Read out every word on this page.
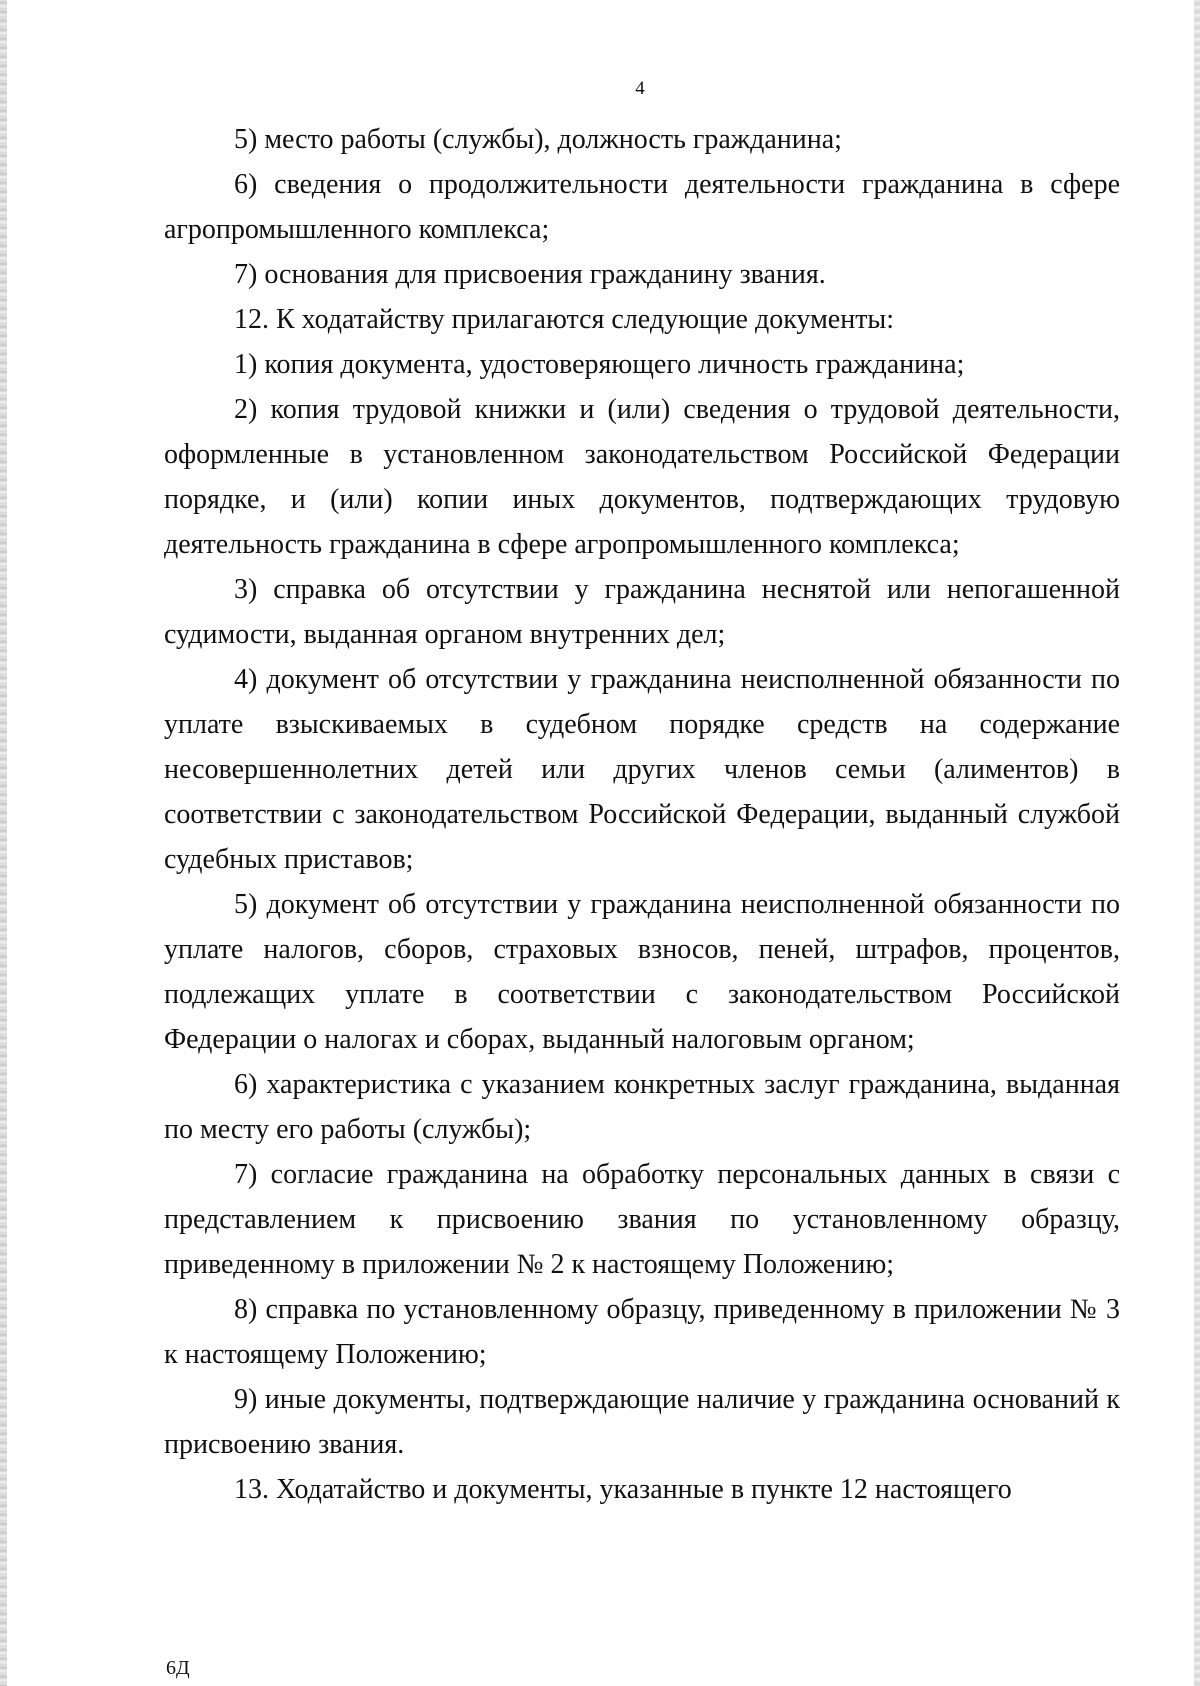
4

5) место работы (службы), должность гражданина;

6) сведения о продолжительности деятельности гражданина в сфере агропромышленного комплекса;

7) основания для присвоения гражданину звания.

12. К ходатайству прилагаются следующие документы:

1) копия документа, удостоверяющего личность гражданина;

2) копия трудовой книжки и (или) сведения о трудовой деятельности, оформленные в установленном законодательством Российской Федерации порядке, и (или) копии иных документов, подтверждающих трудовую деятельность гражданина в сфере агропромышленного комплекса;

3) справка об отсутствии у гражданина неснятой или непогашенной судимости, выданная органом внутренних дел;

4) документ об отсутствии у гражданина неисполненной обязанности по уплате взыскиваемых в судебном порядке средств на содержание несовершеннолетних детей или других членов семьи (алиментов) в соответствии с законодательством Российской Федерации, выданный службой судебных приставов;

5) документ об отсутствии у гражданина неисполненной обязанности по уплате налогов, сборов, страховых взносов, пеней, штрафов, процентов, подлежащих уплате в соответствии с законодательством Российской Федерации о налогах и сборах, выданный налоговым органом;

6) характеристика с указанием конкретных заслуг гражданина, выданная по месту его работы (службы);

7) согласие гражданина на обработку персональных данных в связи с представлением к присвоению звания по установленному образцу, приведенному в приложении № 2 к настоящему Положению;

8) справка по установленному образцу, приведенному в приложении № 3 к настоящему Положению;

9) иные документы, подтверждающие наличие у гражданина оснований к присвоению звания.

13. Ходатайство и документы, указанные в пункте 12 настоящего

6Д
